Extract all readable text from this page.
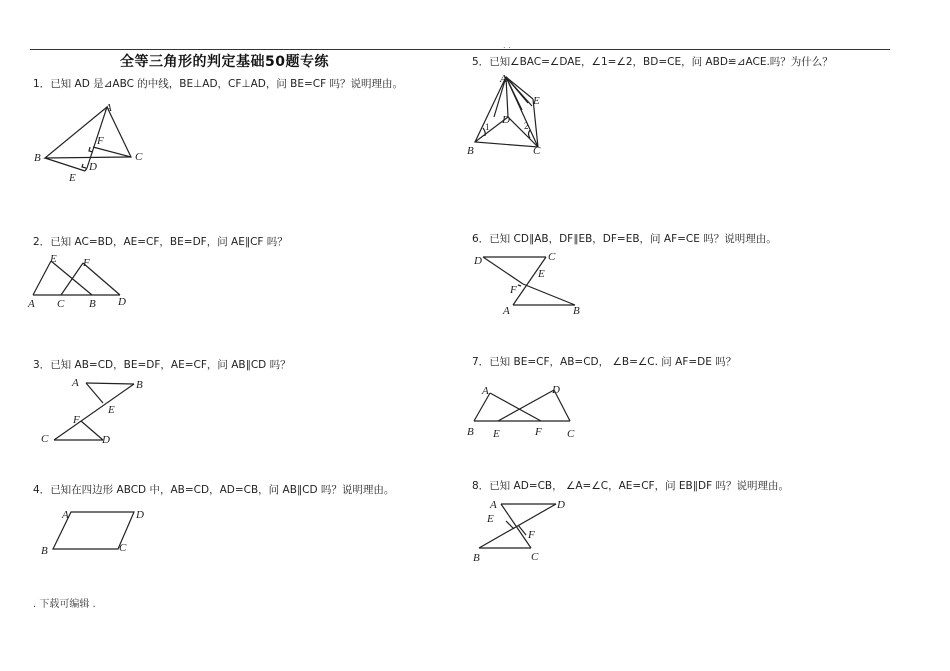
. .
全等三角形的判定基础50题专练
1．已知 AD 是⊿ABC 的中线，BE⊥AD，CF⊥AD，问 BE=CF 吗？说明理由。
A
F
B	C
D
E
2．已知 AC=BD，AE=CF，BE=DF，问 AE∥CF 吗？
E F
A C B D
3．已知 AB=CD，BE=DF，AE=CF，问 AB∥CD 吗？
A	B
E
F
C	D
4．已知在四边形 ABCD 中，AB=CD，AD=CB，问 AB∥CD 吗？说明理由。
A	D
B	C
5．已知∠BAC=∠DAE，∠1=∠2，BD=CE，问 ABD≌⊿ACE.吗？为什么？
A
E
D
1	2
B	C
6．已知 CD∥AB，DF∥EB，DF=EB，问 AF=CE 吗？说明理由。
D	C
E
F
A	B
7．已知 BE=CF，AB=CD， ∠B=∠C. 问 AF=DE 吗？
A	D
B E	F C
8．已知 AD=CB， ∠A=∠C，AE=CF，问 EB∥DF 吗？说明理由。
A	D
E
F
B	C
. 下载可编辑 .
